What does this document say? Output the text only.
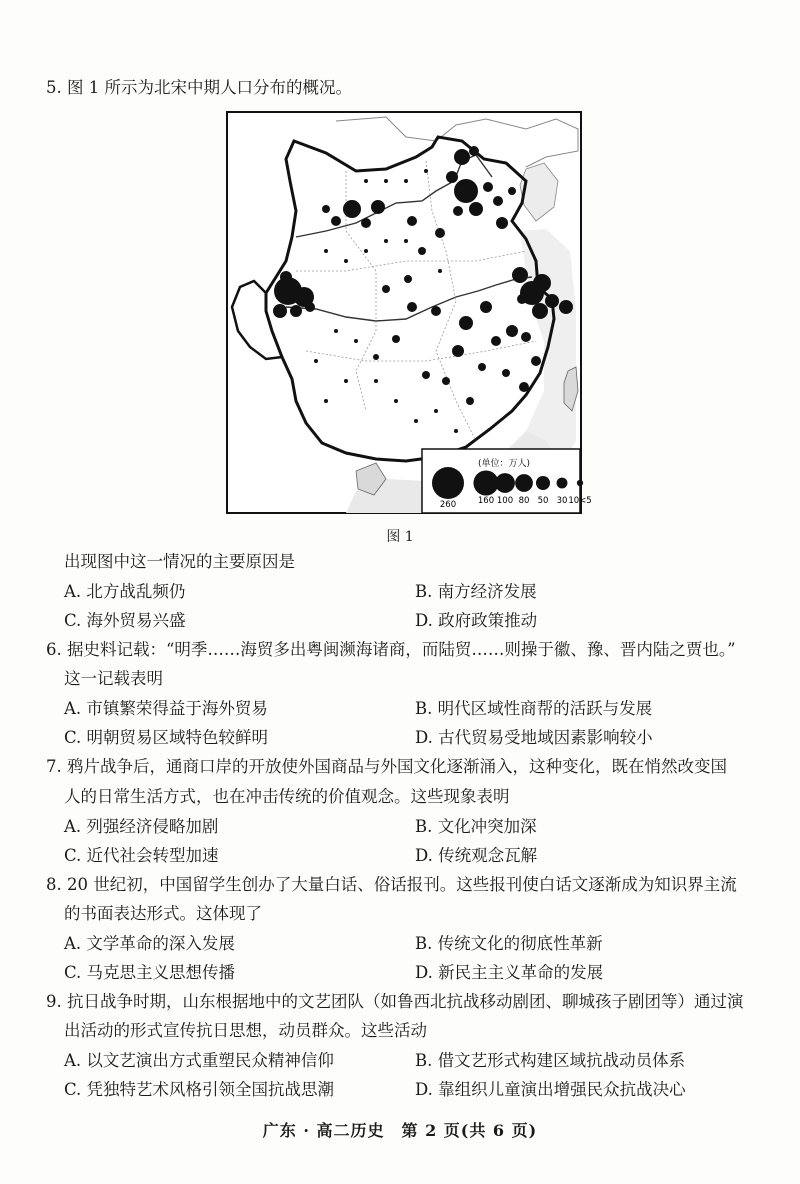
5. 图 1 所示为北宋中期人口分布的概况。
(单位：万人)
260	160 100 80 50 30 10<5
图 1
出现图中这一情况的主要原因是
A. 北方战乱频仍	B. 南方经济发展
C. 海外贸易兴盛	D. 政府政策推动
6. 据史料记载：“明季……海贸多出粤闽濒海诸商，而陆贸……则操于徽、豫、晋内陆之贾也。”
这一记载表明
A. 市镇繁荣得益于海外贸易	B. 明代区域性商帮的活跃与发展
C. 明朝贸易区域特色较鲜明	D. 古代贸易受地域因素影响较小
7. 鸦片战争后，通商口岸的开放使外国商品与外国文化逐渐涌入，这种变化，既在悄然改变国
人的日常生活方式，也在冲击传统的价值观念。这些现象表明
A. 列强经济侵略加剧	B. 文化冲突加深
C. 近代社会转型加速	D. 传统观念瓦解
8. 20 世纪初，中国留学生创办了大量白话、俗话报刊。这些报刊使白话文逐渐成为知识界主流
的书面表达形式。这体现了
A. 文学革命的深入发展	B. 传统文化的彻底性革新
C. 马克思主义思想传播	D. 新民主主义革命的发展
9. 抗日战争时期，山东根据地中的文艺团队（如鲁西北抗战移动剧团、聊城孩子剧团等）通过演
出活动的形式宣传抗日思想，动员群众。这些活动
A. 以文艺演出方式重塑民众精神信仰	B. 借文艺形式构建区域抗战动员体系
C. 凭独特艺术风格引领全国抗战思潮	D. 靠组织儿童演出增强民众抗战决心
广东 · 高二历史　第 2 页(共 6 页)
